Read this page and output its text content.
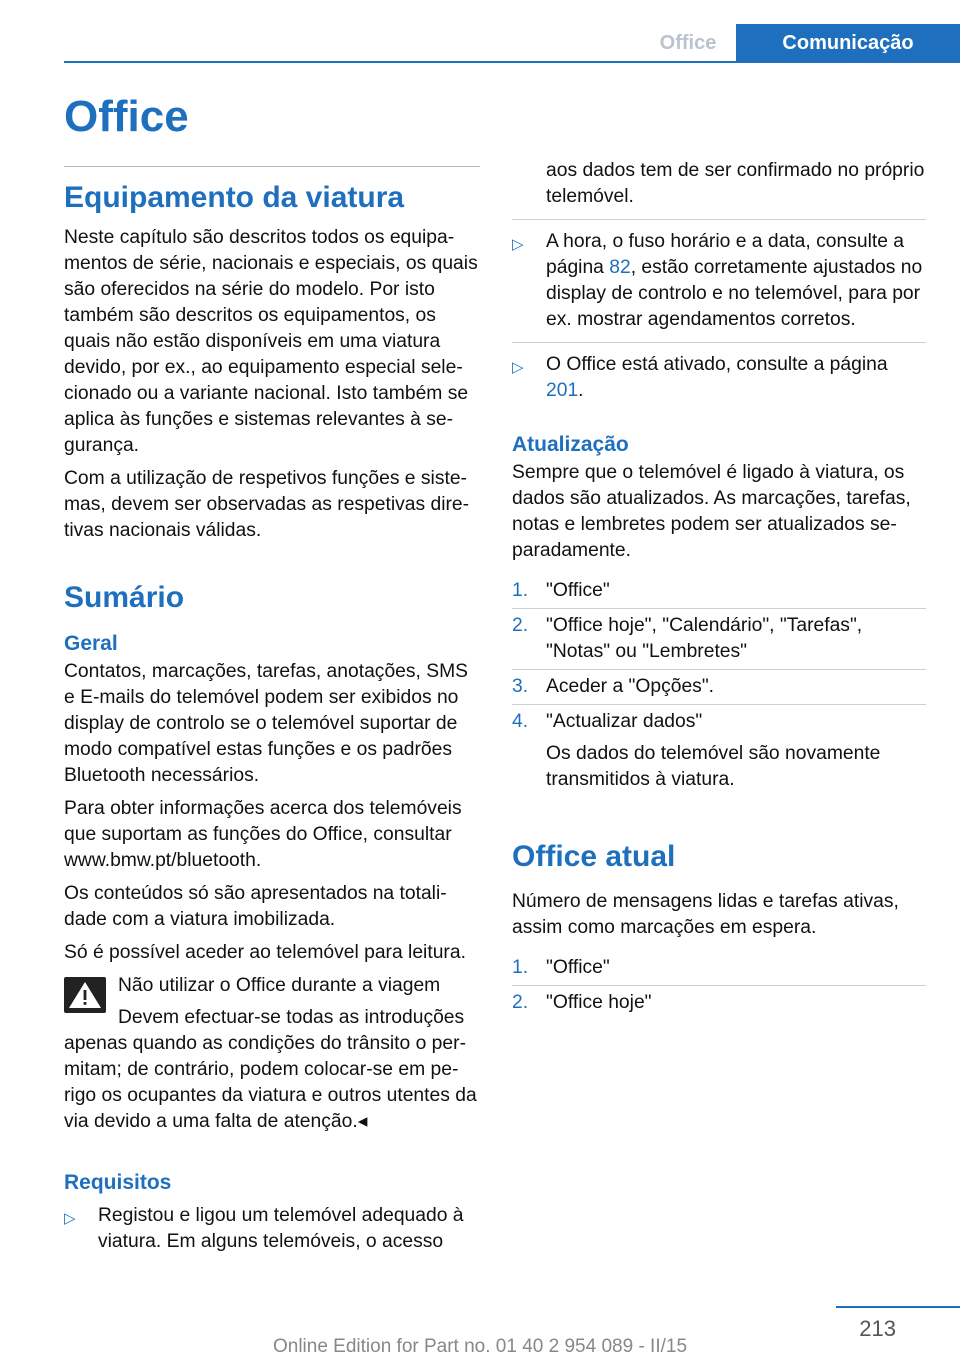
Office	Comunicação
Office
Equipamento da viatura

Neste capítulo são descritos todos os equipamentos de série, nacionais e especiais, os quais são oferecidos na série do modelo. Por isto também são descritos os equipamentos, os quais não estão disponíveis em uma viatura devido, por ex., ao equipamento especial selecionado ou a variante nacional. Isto também se aplica às funções e sistemas relevantes à segurança.

Com a utilização de respetivos funções e sistemas, devem ser observadas as respetivas diretivas nacionais válidas.

Sumário
Geral

Contatos, marcações, tarefas, anotações, SMS e E-mails do telemóvel podem ser exibidos no display de controlo se o telemóvel suportar de modo compatível estas funções e os padrões Bluetooth necessários.

Para obter informações acerca dos telemóveis que suportam as funções do Office, consultar www.bmw.pt/bluetooth.

Os conteúdos só são apresentados na totalidade com a viatura imobilizada.

Só é possível aceder ao telemóvel para leitura.

Não utilizar o Office durante a viagem

Devem efectuar-se todas as introduções apenas quando as condições do trânsito o permitam; de contrário, podem colocar-se em perigo os ocupantes da viatura e outros utentes da via devido a uma falta de atenção.◂

Requisitos
▷ Registou e ligou um telemóvel adequado à viatura. Em alguns telemóveis, o acesso
aos dados tem de ser confirmado no próprio telemóvel.
▷ A hora, o fuso horário e a data, consulte a página 82, estão corretamente ajustados no display de controlo e no telemóvel, para por ex. mostrar agendamentos corretos.
▷ O Office está ativado, consulte a página 201.
Atualização

Sempre que o telemóvel é ligado à viatura, os dados são atualizados. As marcações, tarefas, notas e lembretes podem ser atualizados separadamente.

1. "Office"
2. "Office hoje", "Calendário", "Tarefas", "Notas" ou "Lembretes"
3. Aceder a "Opções".
4. "Actualizar dados"
Os dados do telemóvel são novamente transmitidos à viatura.
Office atual

Número de mensagens lidas e tarefas ativas, assim como marcações em espera.

1. "Office"
2. "Office hoje"
213
Online Edition for Part no. 01 40 2 954 089 - II/15
